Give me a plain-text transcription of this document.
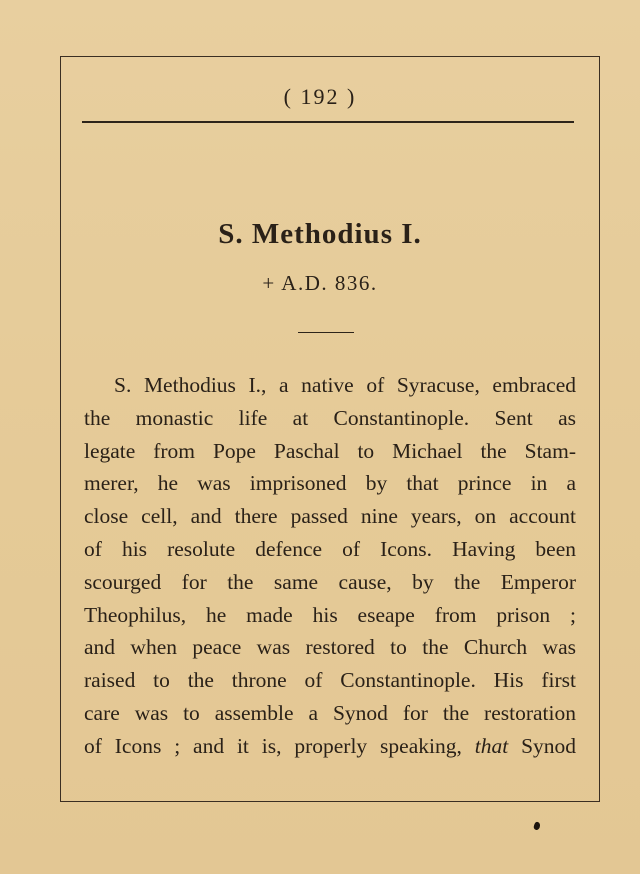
( 192 )
S. Methodius I.
+ A.D. 836.
S. Methodius I., a native of Syracuse, embraced
the monastic life at Constantinople. Sent as
legate from Pope Paschal to Michael the Stam-
merer, he was imprisoned by that prince in a
close cell, and there passed nine years, on account
of his resolute defence of Icons. Having been
scourged for the same cause, by the Emperor
Theophilus, he made his eseape from prison ;
and when peace was restored to the Church was
raised to the throne of Constantinople. His first
care was to assemble a Synod for the restoration
of Icons ; and it is, properly speaking, that Synod
